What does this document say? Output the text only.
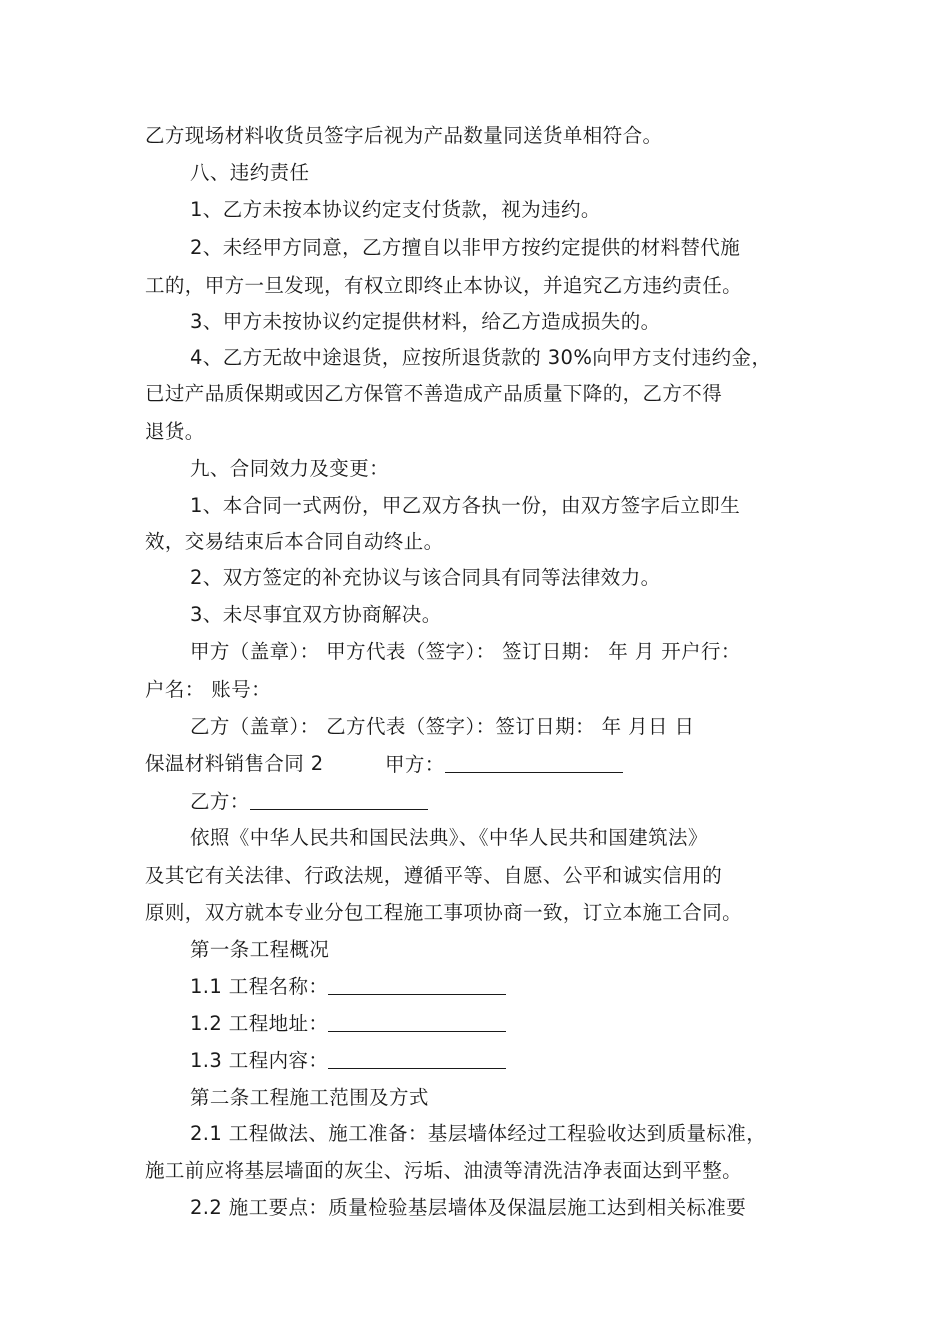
乙方现场材料收货员签字后视为产品数量同送货单相符合。
八、违约责任
1、乙方未按本协议约定支付货款，视为违约。
2、未经甲方同意，乙方擅自以非甲方按约定提供的材料替代施
工的，甲方一旦发现，有权立即终止本协议，并追究乙方违约责任。
3、甲方未按协议约定提供材料，给乙方造成损失的。
4、乙方无故中途退货，应按所退货款的 30%向甲方支付违约金，
已过产品质保期或因乙方保管不善造成产品质量下降的，乙方不得
退货。
九、合同效力及变更：
1、本合同一式两份，甲乙双方各执一份，由双方签字后立即生
效，交易结束后本合同自动终止。
2、双方签定的补充协议与该合同具有同等法律效力。
3、未尽事宜双方协商解决。
甲方（盖章）： 甲方代表（签字）： 签订日期： 年 月 开户行：
户名： 账号：
乙方（盖章）： 乙方代表（签字）：签订日期： 年 月日 日
保温材料销售合同 2	甲方：
乙方：
依照《中华人民共和国民法典》、《中华人民共和国建筑法》
及其它有关法律、行政法规，遵循平等、自愿、公平和诚实信用的
原则，双方就本专业分包工程施工事项协商一致，订立本施工合同。
第一条工程概况
1.1 工程名称：
1.2 工程地址：
1.3 工程内容：
第二条工程施工范围及方式
2.1 工程做法、施工准备：基层墙体经过工程验收达到质量标准，
施工前应将基层墙面的灰尘、污垢、油渍等清洗洁净表面达到平整。
2.2 施工要点：质量检验基层墙体及保温层施工达到相关标准要
